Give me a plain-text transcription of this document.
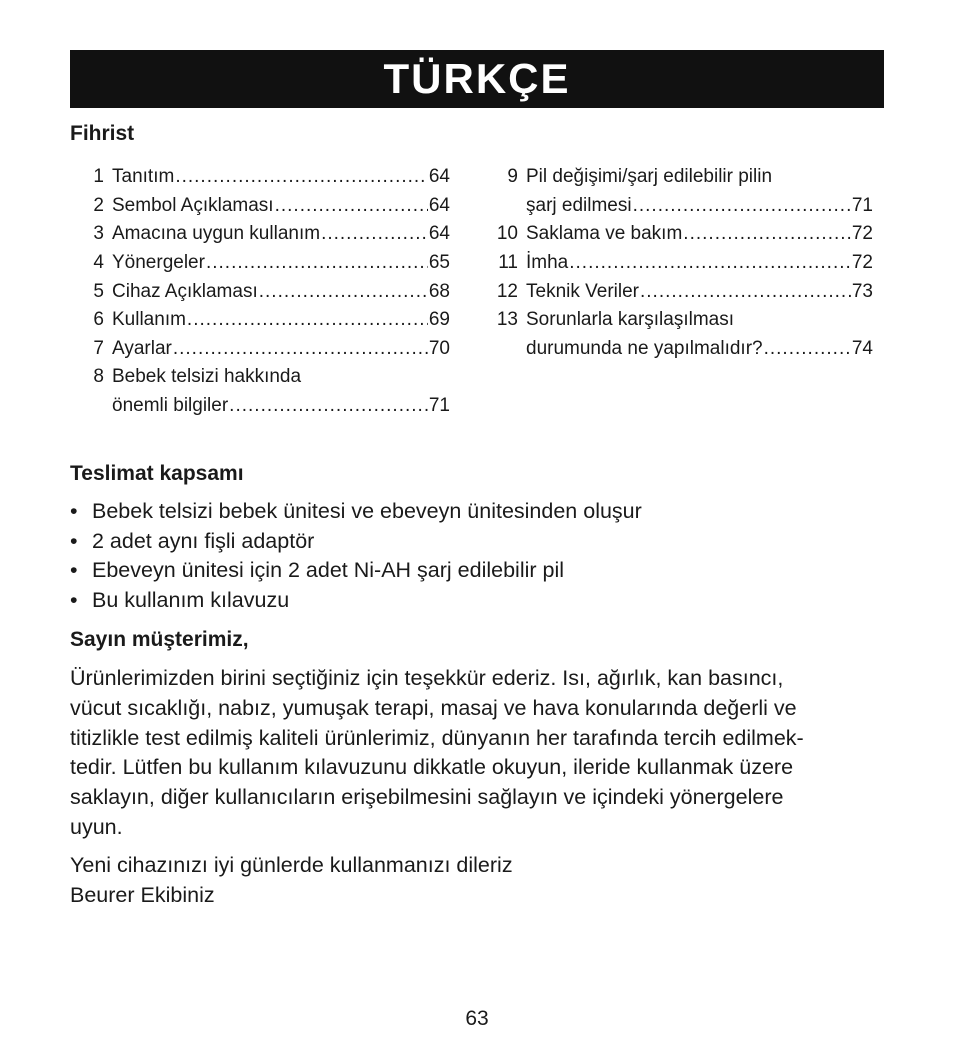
TÜRKÇE
Fihrist
1 Tanıtım .....	64
2 Sembol Açıklaması .....	64
3 Amacına uygun kullanım .....	64
4 Yönergeler .....	65
5 Cihaz Açıklaması .....	68
6 Kullanım .....	69
7 Ayarlar .....	70
8 Bebek telsizi hakkında
önemli bilgiler .....	71
9 Pil değişimi/şarj edilebilir pilin
şarj edilmesi .....	71
10 Saklama ve bakım .....	72
11 İmha .....	72
12 Teknik Veriler .....	73
13 Sorunlarla karşılaşılması
durumunda ne yapılmalıdır? .....	74
Teslimat kapsamı
• Bebek telsizi bebek ünitesi ve ebeveyn ünitesinden oluşur
• 2 adet aynı fişli adaptör
• Ebeveyn ünitesi için 2 adet Ni-AH şarj edilebilir pil
• Bu kullanım kılavuzu
Sayın müşterimiz,
Ürünlerimizden birini seçtiğiniz için teşekkür ederiz. Isı, ağırlık, kan basıncı,
vücut sıcaklığı, nabız, yumuşak terapi, masaj ve hava konularında değerli ve
titizlikle test edilmiş kaliteli ürünlerimiz, dünyanın her tarafında tercih edilmek-
tedir. Lütfen bu kullanım kılavuzunu dikkatle okuyun, ileride kullanmak üzere
saklayın, diğer kullanıcıların erişebilmesini sağlayın ve içindeki yönergelere
uyun.
Yeni cihazınızı iyi günlerde kullanmanızı dileriz
Beurer Ekibiniz
63
